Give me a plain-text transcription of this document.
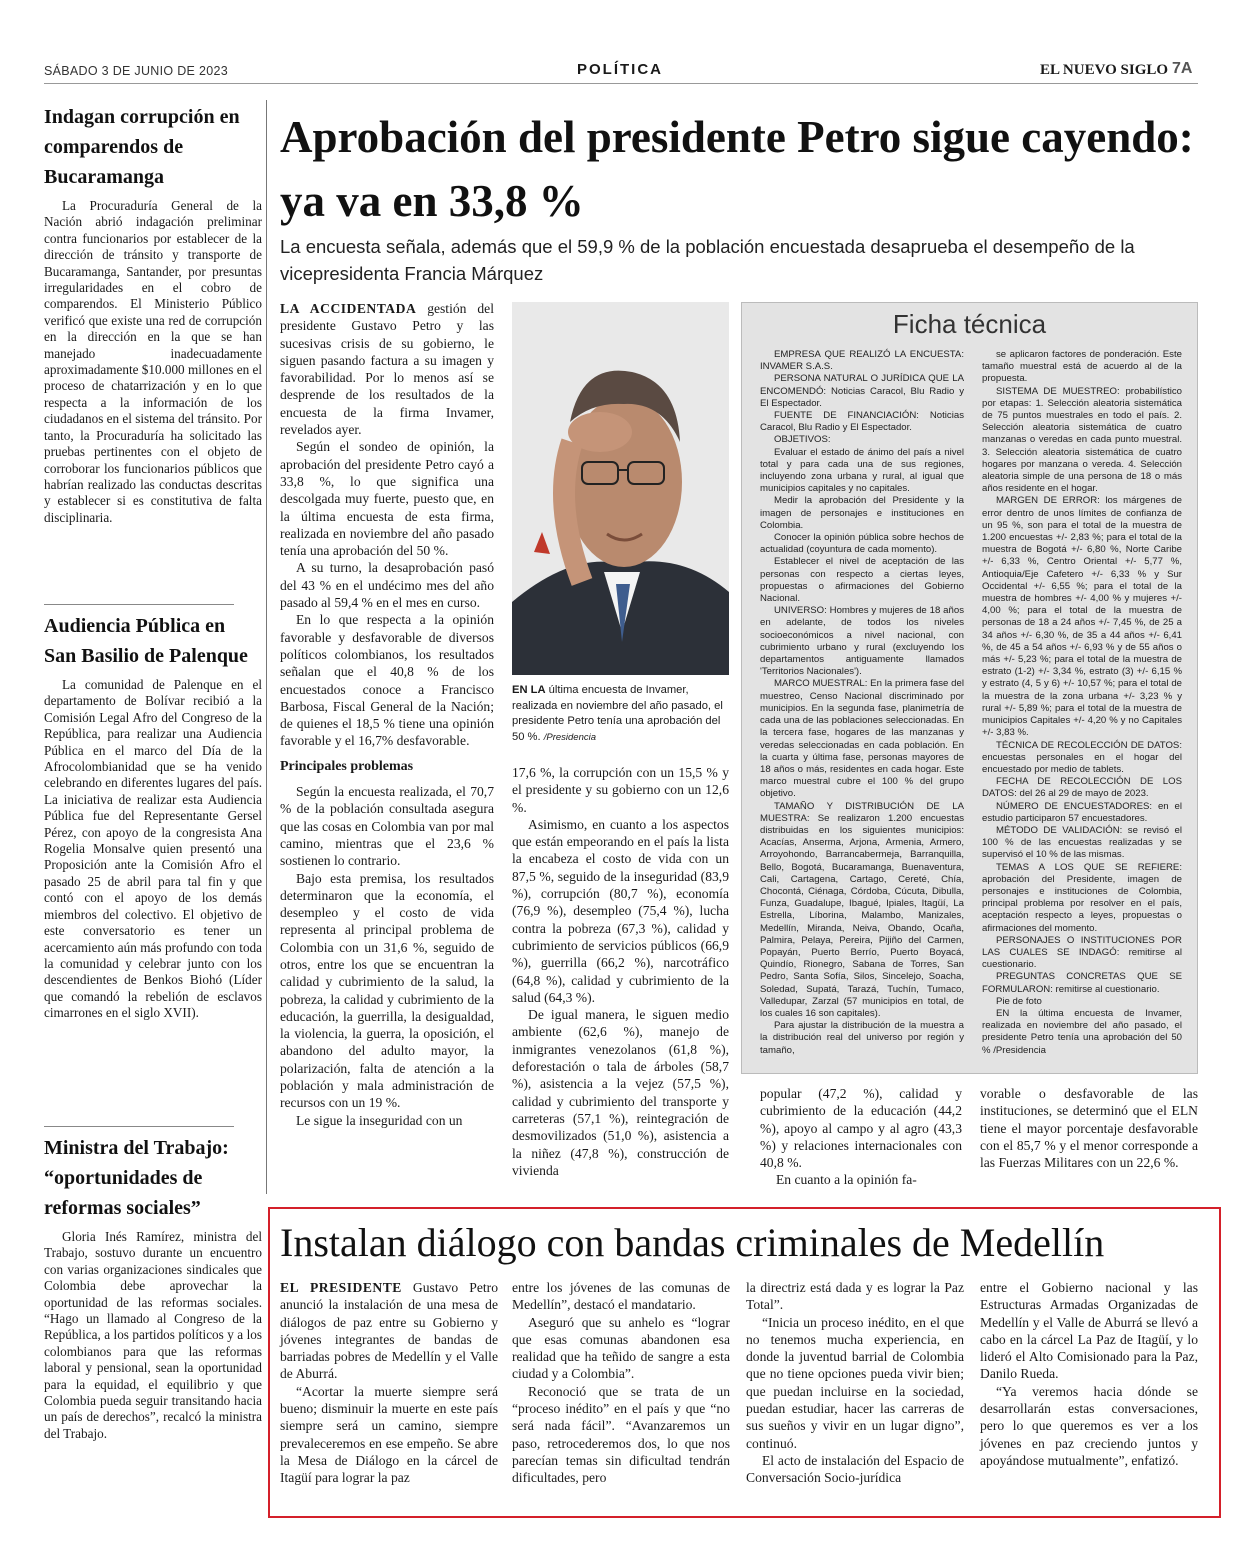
SÁBADO 3 DE JUNIO DE 2023	POLÍTICA	EL NUEVO SIGLO 7A
Indagan corrupción en comparendos de Bucaramanga
La Procuraduría General de la Nación abrió indagación preliminar contra funcionarios por establecer de la dirección de tránsito y transporte de Bucaramanga, Santander, por presuntas irregularidades en el cobro de comparendos. El Ministerio Público verificó que existe una red de corrupción en la dirección en la que se han manejado inadecuadamente aproximadamente $10.000 millones en el proceso de chatarrización y en lo que respecta a la información de los ciudadanos en el sistema del tránsito. Por tanto, la Procuraduría ha solicitado las pruebas pertinentes con el objeto de corroborar los funcionarios públicos que habrían realizado las conductas descritas y establecer si es constitutiva de falta disciplinaria.
Audiencia Pública en San Basilio de Palenque
La comunidad de Palenque en el departamento de Bolívar recibió a la Comisión Legal Afro del Congreso de la República, para realizar una Audiencia Pública en el marco del Día de la Afrocolombianidad que se ha venido celebrando en diferentes lugares del país. La iniciativa de realizar esta Audiencia Pública fue del Representante Gersel Pérez, con apoyo de la congresista Ana Rogelia Monsalve quien presentó una Proposición ante la Comisión Afro el pasado 25 de abril para tal fin y que contó con el apoyo de los demás miembros del colectivo. El objetivo de este conversatorio es tener un acercamiento aún más profundo con toda la comunidad y celebrar junto con los descendientes de Benkos Biohó (Líder que comandó la rebelión de esclavos cimarrones en el siglo XVII).
Ministra del Trabajo: “oportunidades de reformas sociales”
Gloria Inés Ramírez, ministra del Trabajo, sostuvo durante un encuentro con varias organizaciones sindicales que Colombia debe aprovechar la oportunidad de las reformas sociales. “Hago un llamado al Congreso de la República, a los partidos políticos y a los colombianos para que las reformas laboral y pensional, sean la oportunidad para la equidad, el equilibrio y que Colombia pueda seguir transitando hacia un país de derechos”, recalcó la ministra del Trabajo.
Aprobación del presidente Petro sigue cayendo: ya va en 33,8 %
La encuesta señala, además que el 59,9 % de la población encuestada desaprueba el desempeño de la vicepresidenta Francia Márquez

LA ACCIDENTADA gestión del presidente Gustavo Petro y las sucesivas crisis de su gobierno, le siguen pasando factura a su imagen y favorabilidad. Por lo menos así se desprende de los resultados de la encuesta de la firma Invamer, revelados ayer.

Según el sondeo de opinión, la aprobación del presidente Petro cayó a 33,8 %, lo que significa una descolgada muy fuerte, puesto que, en la última encuesta de esta firma, realizada en noviembre del año pasado tenía una aprobación del 50 %.

A su turno, la desaprobación pasó del 43 % en el undécimo mes del año pasado al 59,4 % en el mes en curso.

En lo que respecta a la opinión favorable y desfavorable de diversos políticos colombianos, los resultados señalan que el 40,8 % de los encuestados conoce a Francisco Barbosa, Fiscal General de la Nación; de quienes el 18,5 % tiene una opinión favorable y el 16,7% desfavorable.

Principales problemas

Según la encuesta realizada, el 70,7 % de la población consultada asegura que las cosas en Colombia van por mal camino, mientras que el 23,6 % sostienen lo contrario.

Bajo esta premisa, los resultados determinaron que la economía, el desempleo y el costo de vida representa al principal problema de Colombia con un 31,6 %, seguido de otros, entre los que se encuentran la calidad y cubrimiento de la salud, la pobreza, la calidad y cubrimiento de la educación, la guerrilla, la desigualdad, la violencia, la guerra, la oposición, el abandono del adulto mayor, la polarización, falta de atención a la población y mala administración de recursos con un 19 %.

Le sigue la inseguridad con un

EN LA última encuesta de Invamer, realizada en noviembre del año pasado, el presidente Petro tenía una aprobación del 50 %. /Presidencia

17,6 %, la corrupción con un 15,5 % y el presidente y su gobierno con un 12,6 %.

Asimismo, en cuanto a los aspectos que están empeorando en el país la lista la encabeza el costo de vida con un 87,5 %, seguido de la inseguridad (83,9 %), corrupción (80,7 %), economía (76,9 %), desempleo (75,4 %), lucha contra la pobreza (67,3 %), calidad y cubrimiento de servicios públicos (66,9 %), guerrilla (66,2 %), narcotráfico (64,8 %), calidad y cubrimiento de la salud (64,3 %).

De igual manera, le siguen medio ambiente (62,6 %), manejo de inmigrantes venezolanos (61,8 %), deforestación o tala de árboles (58,7 %), asistencia a la vejez (57,5 %), calidad y cubrimiento del transporte y carreteras (57,1 %), reintegración de desmovilizados (51,0 %), asistencia a la niñez (47,8 %), construcción de vivienda

Ficha técnica

EMPRESA QUE REALIZÓ LA ENCUESTA: INVAMER S.A.S.

PERSONA NATURAL O JURÍDICA QUE LA ENCOMENDÓ: Noticias Caracol, Blu Radio y El Espectador.

FUENTE DE FINANCIACIÓN: Noticias Caracol, Blu Radio y El Espectador.

OBJETIVOS:

Evaluar el estado de ánimo del país a nivel total y para cada una de sus regiones, incluyendo zona urbana y rural, al igual que municipios capitales y no capitales.

Medir la aprobación del Presidente y la imagen de personajes e instituciones en Colombia.

Conocer la opinión pública sobre hechos de actualidad (coyuntura de cada momento).

Establecer el nivel de aceptación de las personas con respecto a ciertas leyes, propuestas o afirmaciones del Gobierno Nacional.

UNIVERSO: Hombres y mujeres de 18 años en adelante, de todos los niveles socioeconómicos a nivel nacional, con cubrimiento urbano y rural (excluyendo los departamentos antiguamente llamados 'Territorios Nacionales').

MARCO MUESTRAL: En la primera fase del muestreo, Censo Nacional discriminado por municipios. En la segunda fase, planimetría de cada una de las poblaciones seleccionadas. En la tercera fase, hogares de las manzanas y veredas seleccionadas en cada población. En la cuarta y última fase, personas mayores de 18 años o más, residentes en cada hogar. Este marco muestral cubre el 100 % del grupo objetivo.

TAMAÑO Y DISTRIBUCIÓN DE LA MUESTRA: Se realizaron 1.200 encuestas distribuidas en los siguientes municipios: Acacías, Anserma, Arjona, Armenia, Armero, Arroyohondo, Barrancabermeja, Barranquilla, Bello, Bogotá, Bucaramanga, Buenaventura, Cali, Cartagena, Cartago, Cereté, Chía, Chocontá, Ciénaga, Córdoba, Cúcuta, Dibulla, Funza, Guadalupe, Ibagué, Ipiales, Itagüí, La Estrella, Líborina, Malambo, Manizales, Medellín, Miranda, Neiva, Obando, Ocaña, Palmira, Pelaya, Pereira, Pijiño del Carmen, Popayán, Puerto Berrío, Puerto Boyacá, Quindío, Rionegro, Sabana de Torres, San Pedro, Santa Sofía, Silos, Sincelejo, Soacha, Soledad, Supatá, Tarazá, Tuchín, Tumaco, Valledupar, Zarzal (57 municipios en total, de los cuales 16 son capitales).

Para ajustar la distribución de la muestra a la distribución real del universo por región y tamaño,

se aplicaron factores de ponderación. Este tamaño muestral está de acuerdo al de la propuesta.

SISTEMA DE MUESTREO: probabilístico por etapas: 1. Selección aleatoria sistemática de 75 puntos muestrales en todo el país. 2. Selección aleatoria sistemática de cuatro manzanas o veredas en cada punto muestral. 3. Selección aleatoria sistemática de cuatro hogares por manzana o vereda. 4. Selección aleatoria simple de una persona de 18 o más años residente en el hogar.

MARGEN DE ERROR: los márgenes de error dentro de unos límites de confianza de un 95 %, son para el total de la muestra de 1.200 encuestas +/- 2,83 %; para el total de la muestra de Bogotá +/- 6,80 %, Norte Caribe +/- 6,33 %, Centro Oriental +/- 5,77 %, Antioquia/Eje Cafetero +/- 6,33 % y Sur Occidental +/- 6,55 %; para el total de la muestra de hombres +/- 4,00 % y mujeres +/- 4,00 %; para el total de la muestra de personas de 18 a 24 años +/- 7,45 %, de 25 a 34 años +/- 6,30 %, de 35 a 44 años +/- 6,41 %, de 45 a 54 años +/- 6,93 % y de 55 años o más +/- 5,23 %; para el total de la muestra de estrato (1-2) +/- 3,34 %, estrato (3) +/- 6,15 % y estrato (4, 5 y 6) +/- 10,57 %; para el total de la muestra de la zona urbana +/- 3,23 % y rural +/- 5,89 %; para el total de la muestra de municipios Capitales +/- 4,20 % y no Capitales +/- 3,83 %.

TÉCNICA DE RECOLECCIÓN DE DATOS: encuestas personales en el hogar del encuestado por medio de tablets.

FECHA DE RECOLECCIÓN DE LOS DATOS: del 26 al 29 de mayo de 2023.

NÚMERO DE ENCUESTADORES: en el estudio participaron 57 encuestadores.

MÉTODO DE VALIDACIÓN: se revisó el 100 % de las encuestas realizadas y se supervisó el 10 % de las mismas.

TEMAS A LOS QUE SE REFIERE: aprobación del Presidente, imagen de personajes e instituciones de Colombia, principal problema por resolver en el país, aceptación respecto a leyes, propuestas o afirmaciones del momento.

PERSONAJES O INSTITUCIONES POR LAS CUALES SE INDAGÓ: remitirse al cuestionario.

PREGUNTAS CONCRETAS QUE SE FORMULARON: remitirse al cuestionario.

Pie de foto

EN la última encuesta de Invamer, realizada en noviembre del año pasado, el presidente Petro tenía una aprobación del 50 % /Presidencia

popular (47,2 %), calidad y cubrimiento de la educación (44,2 %), apoyo al campo y al agro (43,3 %) y relaciones internacionales con 40,8 %.

En cuanto a la opinión fa-

vorable o desfavorable de las instituciones, se determinó que el ELN tiene el mayor porcentaje desfavorable con el 85,7 % y el menor corresponde a las Fuerzas Militares con un 22,6 %.

Instalan diálogo con bandas criminales de Medellín

EL PRESIDENTE Gustavo Petro anunció la instalación de una mesa de diálogos de paz entre su Gobierno y jóvenes integrantes de bandas de barriadas pobres de Medellín y el Valle de Aburrá.

“Acortar la muerte siempre será bueno; disminuir la muerte en este país siempre será un camino, siempre prevaleceremos en ese empeño. Se abre la Mesa de Diálogo en la cárcel de Itagüí para lograr la paz

entre los jóvenes de las comunas de Medellín”, destacó el mandatario.

Aseguró que su anhelo es “lograr que esas comunas abandonen esa realidad que ha teñido de sangre a esta ciudad y a Colombia”.

Reconoció que se trata de un “proceso inédito” en el país y que “no será nada fácil”. “Avanzaremos un paso, retrocederemos dos, lo que nos parecían temas sin dificultad tendrán dificultades, pero

la directriz está dada y es lograr la Paz Total”.

“Inicia un proceso inédito, en el que no tenemos mucha experiencia, en donde la juventud barrial de Colombia que no tiene opciones pueda vivir bien; que puedan incluirse en la sociedad, puedan estudiar, hacer las carreras de sus sueños y vivir en un lugar digno”, continuó.

El acto de instalación del Espacio de Conversación Socio-jurídica

entre el Gobierno nacional y las Estructuras Armadas Organizadas de Medellín y el Valle de Aburrá se llevó a cabo en la cárcel La Paz de Itagüí, y lo lideró el Alto Comisionado para la Paz, Danilo Rueda.

“Ya veremos hacia dónde se desarrollarán estas conversaciones, pero lo que queremos es ver a los jóvenes en paz creciendo juntos y apoyándose mutualmente”, enfatizó.
